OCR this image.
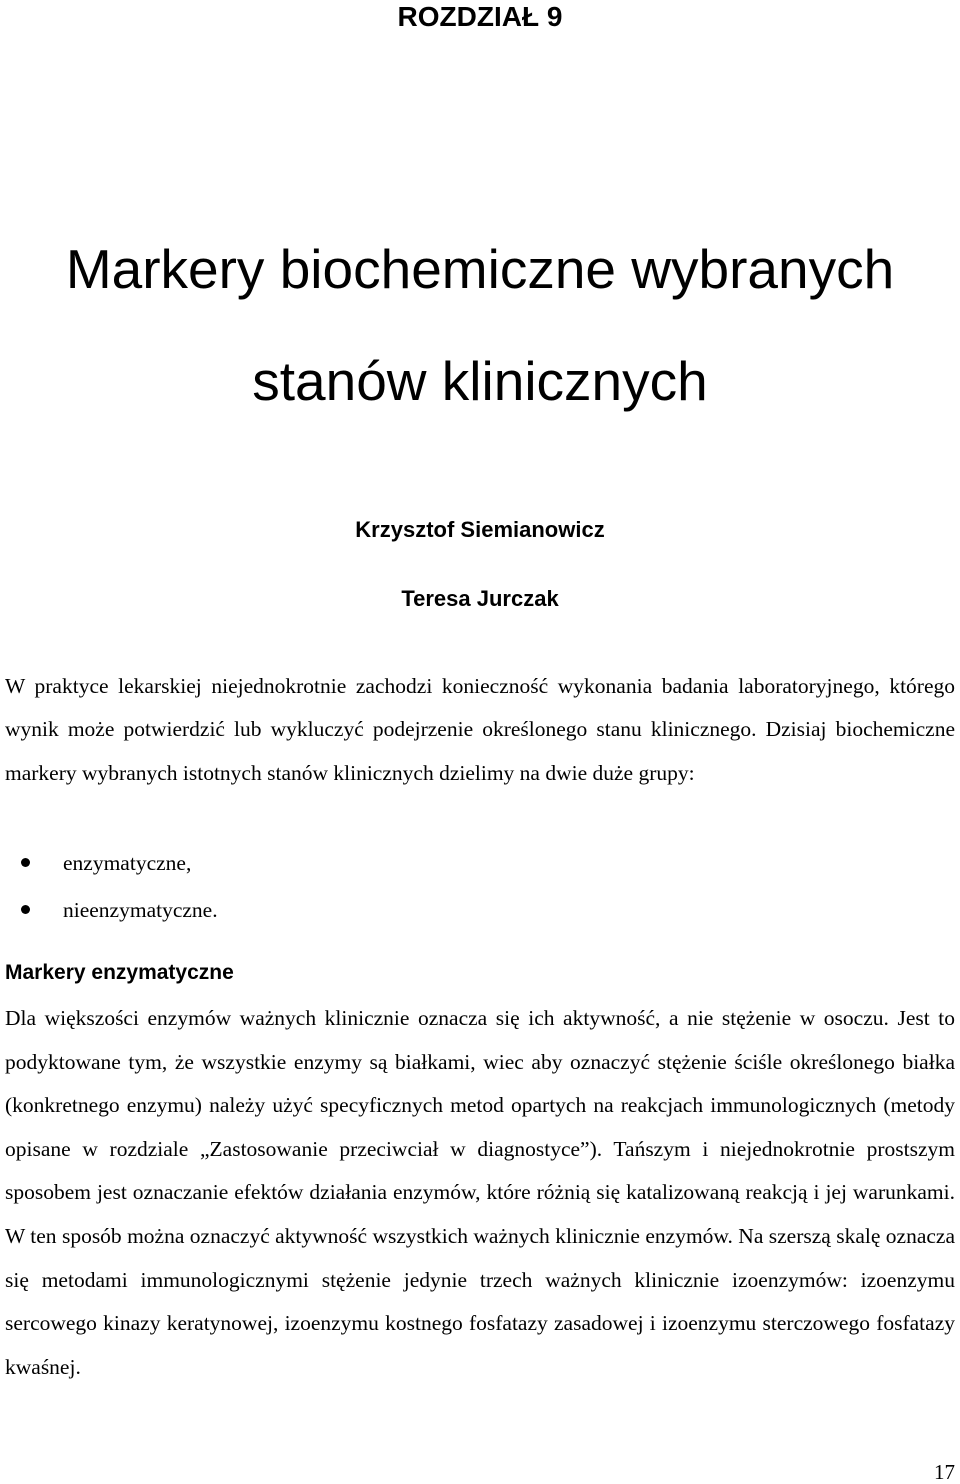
ROZDZIAŁ 9
Markery biochemiczne wybranych
stanów klinicznych
Krzysztof Siemianowicz
Teresa Jurczak

W praktyce lekarskiej niejednokrotnie zachodzi konieczność wykonania badania laboratoryjnego, którego wynik może potwierdzić lub wykluczyć podejrzenie określonego stanu klinicznego. Dzisiaj biochemiczne markery wybranych istotnych stanów klinicznych dzielimy na dwie duże grupy:

enzymatyczne,
nieenzymatyczne.
Markery enzymatyczne

Dla większości enzymów ważnych klinicznie oznacza się ich aktywność, a nie stężenie w osoczu. Jest to podyktowane tym, że wszystkie enzymy są białkami, wiec aby oznaczyć stężenie ściśle określonego białka (konkretnego enzymu) należy użyć specyficznych metod opartych na reakcjach immunologicznych (metody opisane w rozdziale „Zastosowanie przeciwciał w diagnostyce”). Tańszym i niejednokrotnie prostszym sposobem jest oznaczanie efektów działania enzymów, które różnią się katalizowaną reakcją i jej warunkami. W ten sposób można oznaczyć aktywność wszystkich ważnych klinicznie enzymów. Na szerszą skalę oznacza się metodami immunologicznymi stężenie jedynie trzech ważnych klinicznie izoenzymów: izoenzymu sercowego kinazy keratynowej, izoenzymu kostnego fosfatazy zasadowej i izoenzymu sterczowego fosfatazy kwaśnej.

17
